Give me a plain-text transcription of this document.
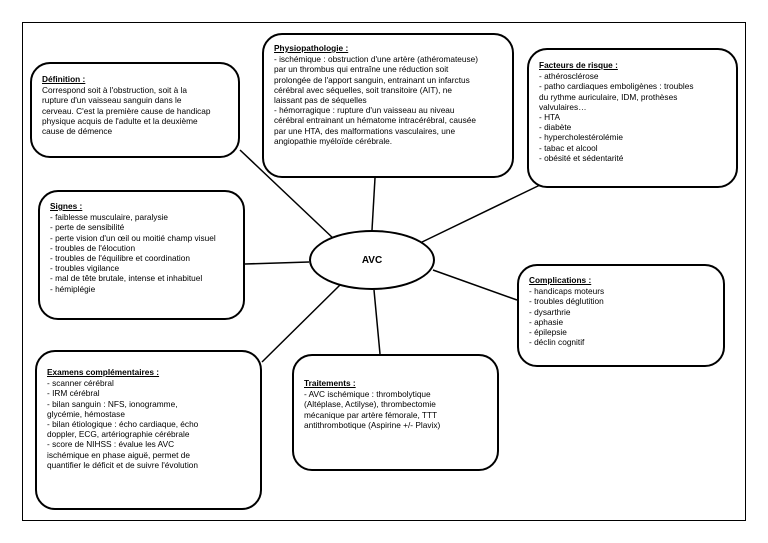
Définition :
Correspond soit à l'obstruction, soit à la
rupture d'un vaisseau sanguin dans le
cerveau. C'est la première cause de handicap
physique acquis de l'adulte et la deuxième
cause de démence
Physiopathologie :
- ischémique : obstruction d'une artère (athéromateuse)
par un thrombus qui entraîne une réduction soit
prolongée de l'apport sanguin, entrainant un infarctus
cérébral avec séquelles, soit transitoire (AIT), ne
laissant pas de séquelles
- hémorragique : rupture d'un vaisseau au niveau
cérébral entrainant un hématome intracérébral, causée
par une HTA, des malformations vasculaires, une
angiopathie myéloïde cérébrale.
Facteurs de risque :
- athérosclérose
- patho cardiaques emboligènes : troubles
du rythme auriculaire, IDM, prothèses
valvulaires…
- HTA
- diabète
- hypercholestérolémie
- tabac et alcool
- obésité et sédentarité
Signes :
- faiblesse musculaire, paralysie
- perte de sensibilité
- perte vision d'un œil ou moitié champ visuel
- troubles de l'élocution
- troubles de l'équilibre et coordination
- troubles vigilance
- mal de tête brutale, intense et inhabituel
- hémiplégie
AVC
Complications :
- handicaps moteurs
- troubles déglutition
- dysarthrie
- aphasie
- épilepsie
- déclin cognitif
Examens complémentaires :
- scanner cérébral
- IRM cérébral
- bilan sanguin : NFS, ionogramme,
glycémie, hémostase
- bilan étiologique : écho cardiaque, écho
doppler, ECG, artériographie cérébrale
- score de NIHSS : évalue les AVC
ischémique en phase aiguë, permet de
quantifier le déficit et de suivre l'évolution
Traitements :
- AVC ischémique : thrombolytique
(Altéplase, Actilyse), thrombectomie
mécanique par artère fémorale, TTT
antithrombotique (Aspirine +/- Plavix)
